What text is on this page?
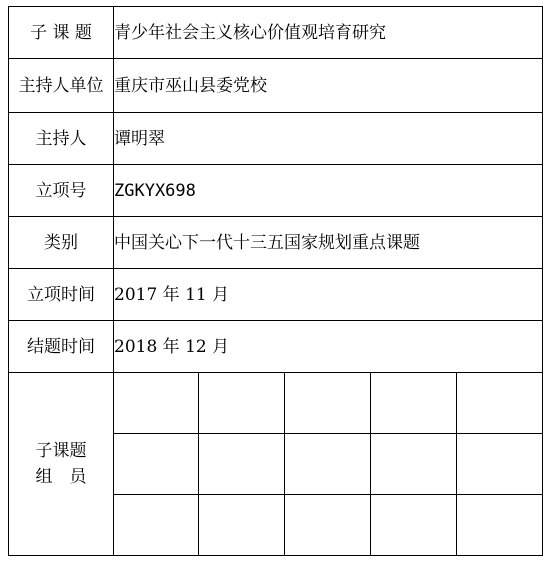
子 课 题	青少年社会主义核心价值观培育研究				
主持人单位	重庆市巫山县委党校				
主持人	谭明翠				
立项号	ZGKYX698				
类别	中国关心下一代十三五国家规划重点课题				
立项时间	2017 年 11 月				
结题时间	2018 年 12 月				

子课题
组　员					
